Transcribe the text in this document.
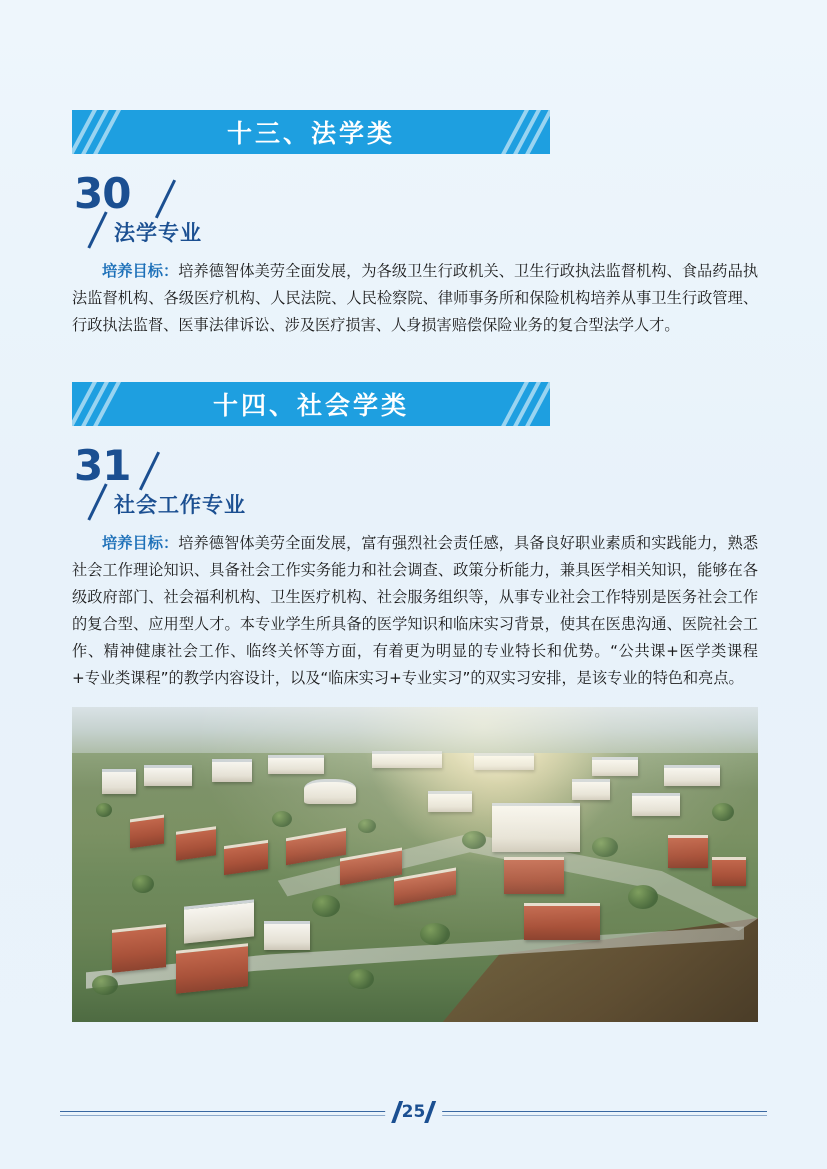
十三、法学类
30
法学专业

培养目标：培养德智体美劳全面发展，为各级卫生行政机关、卫生行政执法监督机构、食品药品执法监督机构、各级医疗机构、人民法院、人民检察院、律师事务所和保险机构培养从事卫生行政管理、行政执法监督、医事法律诉讼、涉及医疗损害、人身损害赔偿保险业务的复合型法学人才。

十四、社会学类
31
社会工作专业

培养目标：培养德智体美劳全面发展，富有强烈社会责任感，具备良好职业素质和实践能力，熟悉社会工作理论知识、具备社会工作实务能力和社会调查、政策分析能力，兼具医学相关知识，能够在各级政府部门、社会福利机构、卫生医疗机构、社会服务组织等，从事专业社会工作特别是医务社会工作的复合型、应用型人才。本专业学生所具备的医学知识和临床实习背景，使其在医患沟通、医院社会工作、精神健康社会工作、临终关怀等方面，有着更为明显的专业特长和优势。“公共课+医学类课程+专业类课程”的教学内容设计，以及“临床实习+专业实习”的双实习安排，是该专业的特色和亮点。

25
